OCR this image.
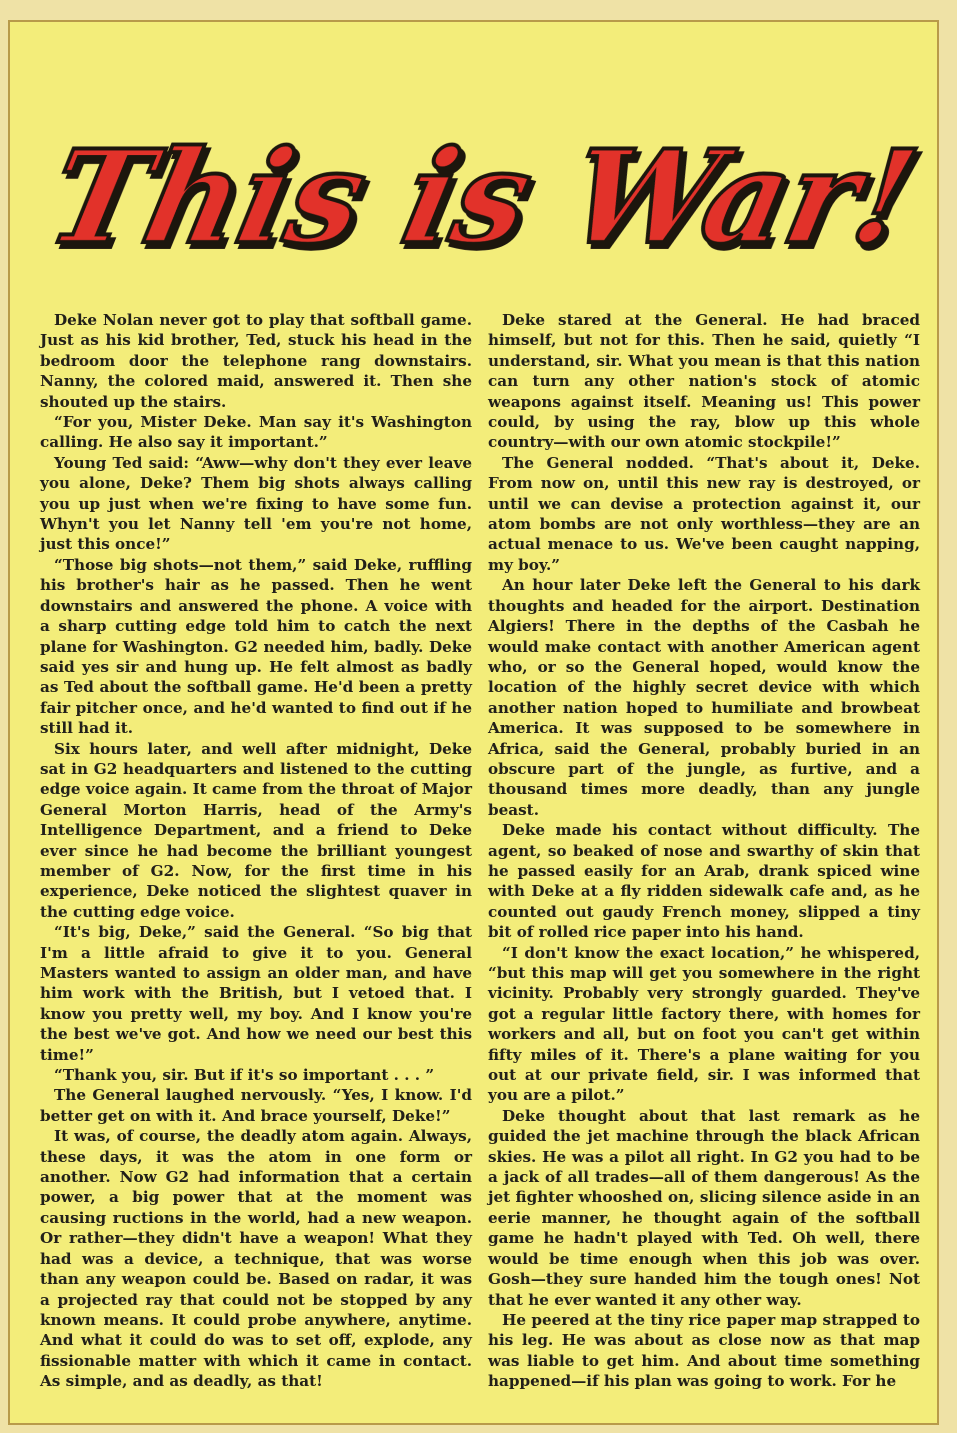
This is War!

Deke Nolan never got to play that softball game. Just as his kid brother, Ted, stuck his head in the bedroom door the telephone rang downstairs. Nanny, the colored maid, answered it. Then she shouted up the stairs.

“For you, Mister Deke. Man say it's Washington calling. He also say it important.”

Young Ted said: “Aww—why don't they ever leave you alone, Deke? Them big shots always calling you up just when we're fixing to have some fun. Whyn't you let Nanny tell 'em you're not home, just this once!”

“Those big shots—not them,” said Deke, ruffling his brother's hair as he passed. Then he went downstairs and answered the phone. A voice with a sharp cutting edge told him to catch the next plane for Washington. G2 needed him, badly. Deke said yes sir and hung up. He felt almost as badly as Ted about the softball game. He'd been a pretty fair pitcher once, and he'd wanted to find out if he still had it.

Six hours later, and well after midnight, Deke sat in G2 headquarters and listened to the cutting edge voice again. It came from the throat of Major General Morton Harris, head of the Army's Intelligence Department, and a friend to Deke ever since he had become the brilliant youngest member of G2. Now, for the first time in his experience, Deke noticed the slightest quaver in the cutting edge voice.

“It's big, Deke,” said the General. “So big that I'm a little afraid to give it to you. General Masters wanted to assign an older man, and have him work with the British, but I vetoed that. I know you pretty well, my boy. And I know you're the best we've got. And how we need our best this time!”

“Thank you, sir. But if it's so important . . . ”

The General laughed nervously. “Yes, I know. I'd better get on with it. And brace yourself, Deke!”

It was, of course, the deadly atom again. Always, these days, it was the atom in one form or another. Now G2 had information that a certain power, a big power that at the moment was causing ructions in the world, had a new weapon. Or rather—they didn't have a weapon! What they had was a device, a technique, that was worse than any weapon could be. Based on radar, it was a projected ray that could not be stopped by any known means. It could probe anywhere, anytime. And what it could do was to set off, explode, any fissionable matter with which it came in contact. As simple, and as deadly, as that!

Deke stared at the General. He had braced himself, but not for this. Then he said, quietly “I understand, sir. What you mean is that this nation can turn any other nation's stock of atomic weapons against itself. Meaning us! This power could, by using the ray, blow up this whole country—with our own atomic stockpile!”

The General nodded. “That's about it, Deke. From now on, until this new ray is destroyed, or until we can devise a protection against it, our atom bombs are not only worthless—they are an actual menace to us. We've been caught napping, my boy.”

An hour later Deke left the General to his dark thoughts and headed for the airport. Destination Algiers! There in the depths of the Casbah he would make contact with another American agent who, or so the General hoped, would know the location of the highly secret device with which another nation hoped to humiliate and browbeat America. It was supposed to be somewhere in Africa, said the General, probably buried in an obscure part of the jungle, as furtive, and a thousand times more deadly, than any jungle beast.

Deke made his contact without difficulty. The agent, so beaked of nose and swarthy of skin that he passed easily for an Arab, drank spiced wine with Deke at a fly ridden sidewalk cafe and, as he counted out gaudy French money, slipped a tiny bit of rolled rice paper into his hand.

“I don't know the exact location,” he whispered, “but this map will get you somewhere in the right vicinity. Probably very strongly guarded. They've got a regular little factory there, with homes for workers and all, but on foot you can't get within fifty miles of it. There's a plane waiting for you out at our private field, sir. I was informed that you are a pilot.”

Deke thought about that last remark as he guided the jet machine through the black African skies. He was a pilot all right. In G2 you had to be a jack of all trades—all of them dangerous! As the jet fighter whooshed on, slicing silence aside in an eerie manner, he thought again of the softball game he hadn't played with Ted. Oh well, there would be time enough when this job was over. Gosh—they sure handed him the tough ones! Not that he ever wanted it any other way.

He peered at the tiny rice paper map strapped to his leg. He was about as close now as that map was liable to get him. And about time something happened—if his plan was going to work. For he
